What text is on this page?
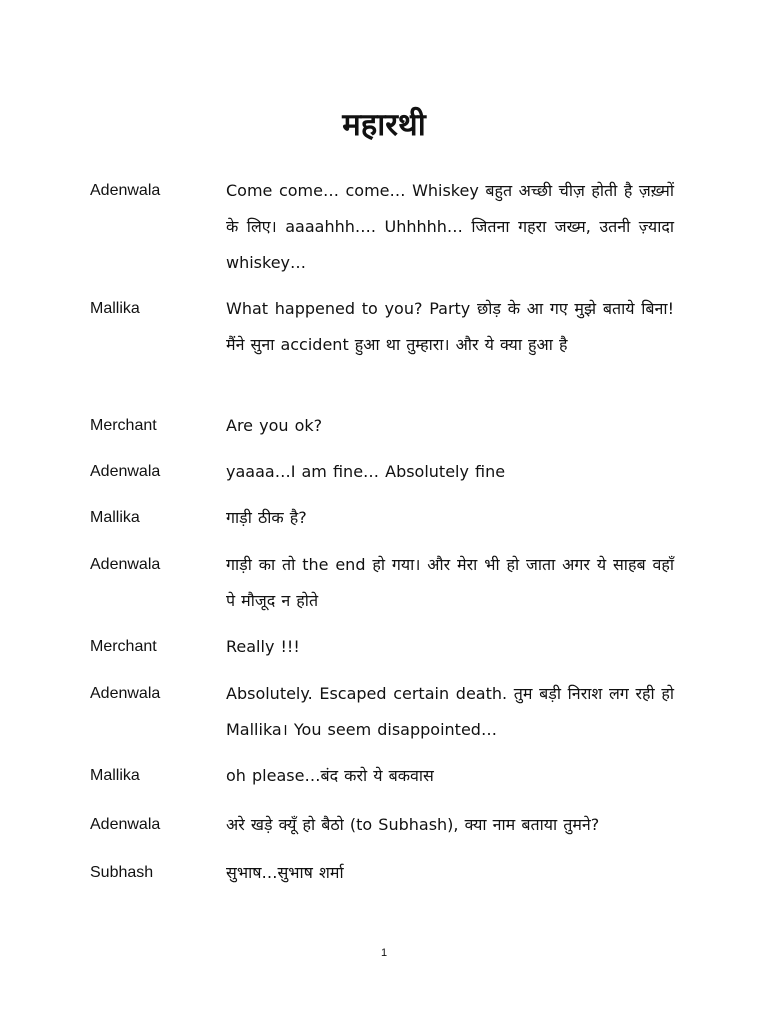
महारथी
Adenwala	Come come… come… Whiskey बहुत अच्छी चीज़ होती है ज़ख़्मों के लिए। aaaahhh…. Uhhhhh… जितना गहरा जख्म, उतनी ज़्यादा whiskey…
Mallika	What happened to you? Party छोड़ के आ गए मुझे बताये बिना! मैंने सुना accident हुआ था तुम्हारा। और ये क्या हुआ है
Merchant	Are you ok?
Adenwala	yaaaa…I am fine… Absolutely fine
Mallika	गाड़ी ठीक है?
Adenwala	गाड़ी का तो the end हो गया। और मेरा भी हो जाता अगर ये साहब वहाँ पे मौजूद न होते
Merchant	Really !!!
Adenwala	Absolutely. Escaped certain death. तुम बड़ी निराश लग रही हो Mallika। You seem disappointed…
Mallika	oh please…बंद करो ये बकवास
Adenwala	अरे खड़े क्यूँ हो बैठो (to Subhash), क्या नाम बताया तुमने?
Subhash	सुभाष…सुभाष शर्मा
1
